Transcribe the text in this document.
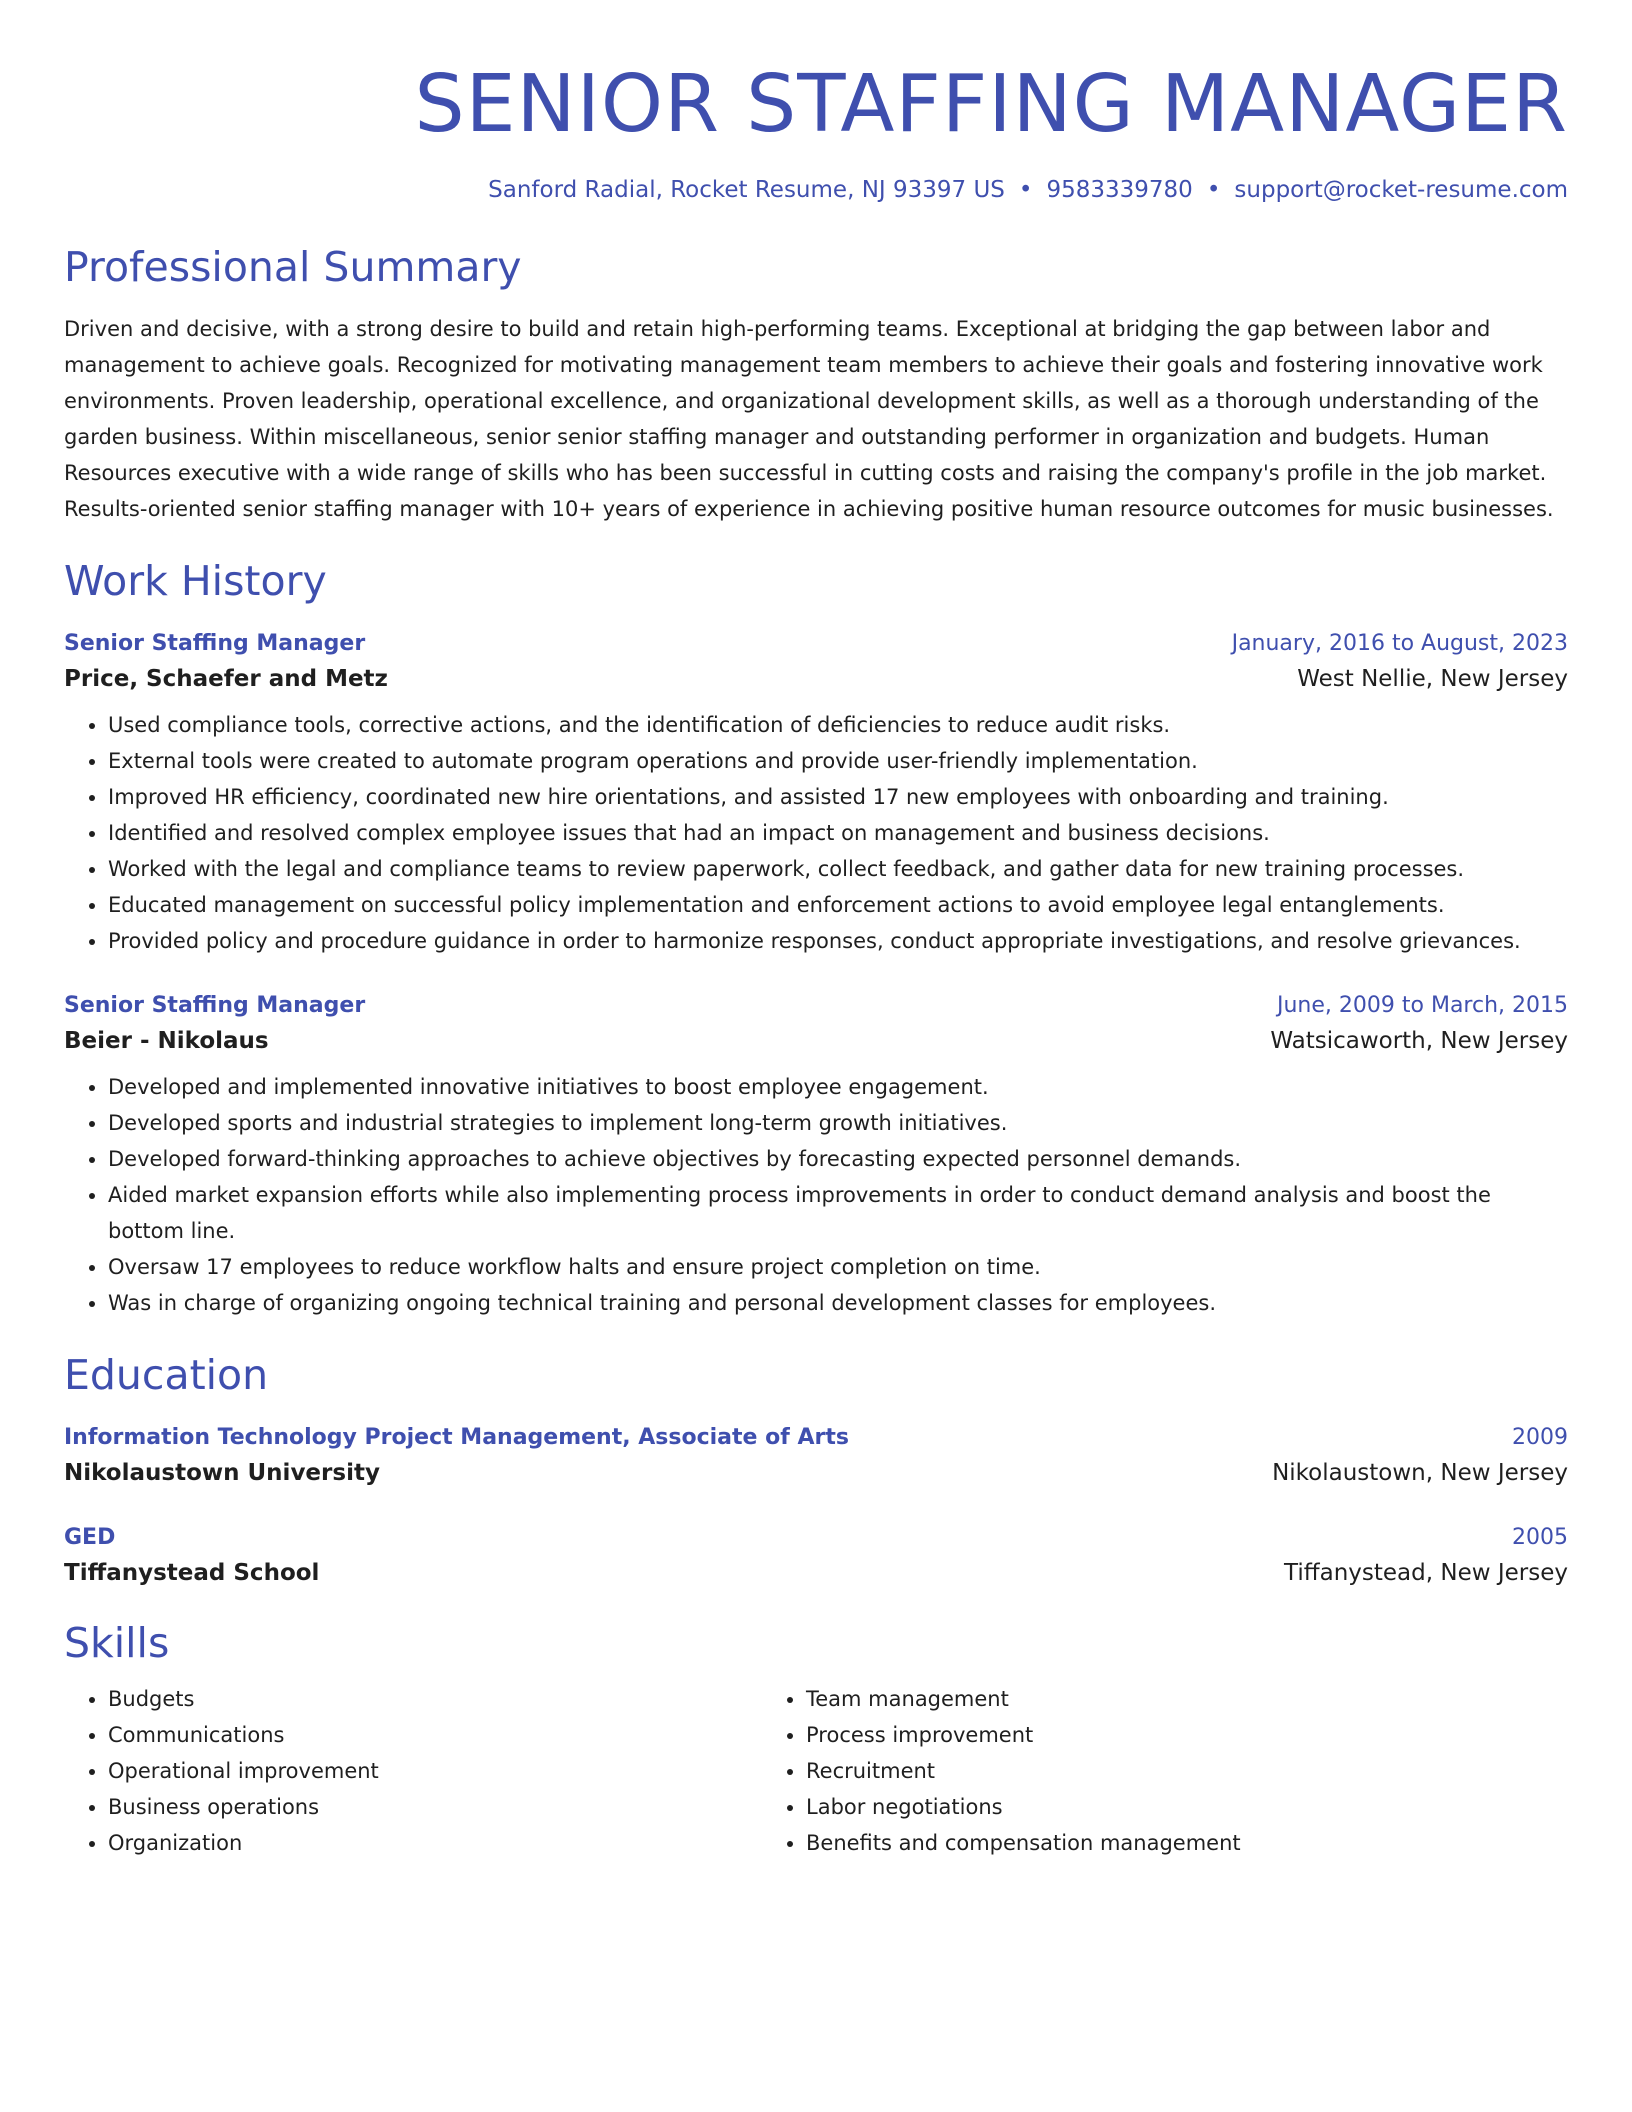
SENIOR STAFFING MANAGER
Sanford Radial, Rocket Resume, NJ 93397 US • 9583339780 • support@rocket-resume.com
Professional Summary
Driven and decisive, with a strong desire to build and retain high-performing teams. Exceptional at bridging the gap between labor and management to achieve goals. Recognized for motivating management team members to achieve their goals and fostering innovative work environments. Proven leadership, operational excellence, and organizational development skills, as well as a thorough understanding of the garden business. Within miscellaneous, senior senior staffing manager and outstanding performer in organization and budgets. Human Resources executive with a wide range of skills who has been successful in cutting costs and raising the company's profile in the job market. Results-oriented senior staffing manager with 10+ years of experience in achieving positive human resource outcomes for music businesses.
Work History
Senior Staffing Manager	January, 2016 to August, 2023
Price, Schaefer and Metz	West Nellie, New Jersey
• Used compliance tools, corrective actions, and the identification of deficiencies to reduce audit risks.
• External tools were created to automate program operations and provide user-friendly implementation.
• Improved HR efficiency, coordinated new hire orientations, and assisted 17 new employees with onboarding and training.
• Identified and resolved complex employee issues that had an impact on management and business decisions.
• Worked with the legal and compliance teams to review paperwork, collect feedback, and gather data for new training processes.
• Educated management on successful policy implementation and enforcement actions to avoid employee legal entanglements.
• Provided policy and procedure guidance in order to harmonize responses, conduct appropriate investigations, and resolve grievances.
Senior Staffing Manager	June, 2009 to March, 2015
Beier - Nikolaus	Watsicaworth, New Jersey
• Developed and implemented innovative initiatives to boost employee engagement.
• Developed sports and industrial strategies to implement long-term growth initiatives.
• Developed forward-thinking approaches to achieve objectives by forecasting expected personnel demands.
• Aided market expansion efforts while also implementing process improvements in order to conduct demand analysis and boost the bottom line.
• Oversaw 17 employees to reduce workflow halts and ensure project completion on time.
• Was in charge of organizing ongoing technical training and personal development classes for employees.
Education
Information Technology Project Management, Associate of Arts	2009
Nikolaustown University	Nikolaustown, New Jersey
GED	2005
Tiffanystead School	Tiffanystead, New Jersey
Skills
• Budgets
• Communications
• Operational improvement
• Business operations
• Organization
• Team management
• Process improvement
• Recruitment
• Labor negotiations
• Benefits and compensation management
